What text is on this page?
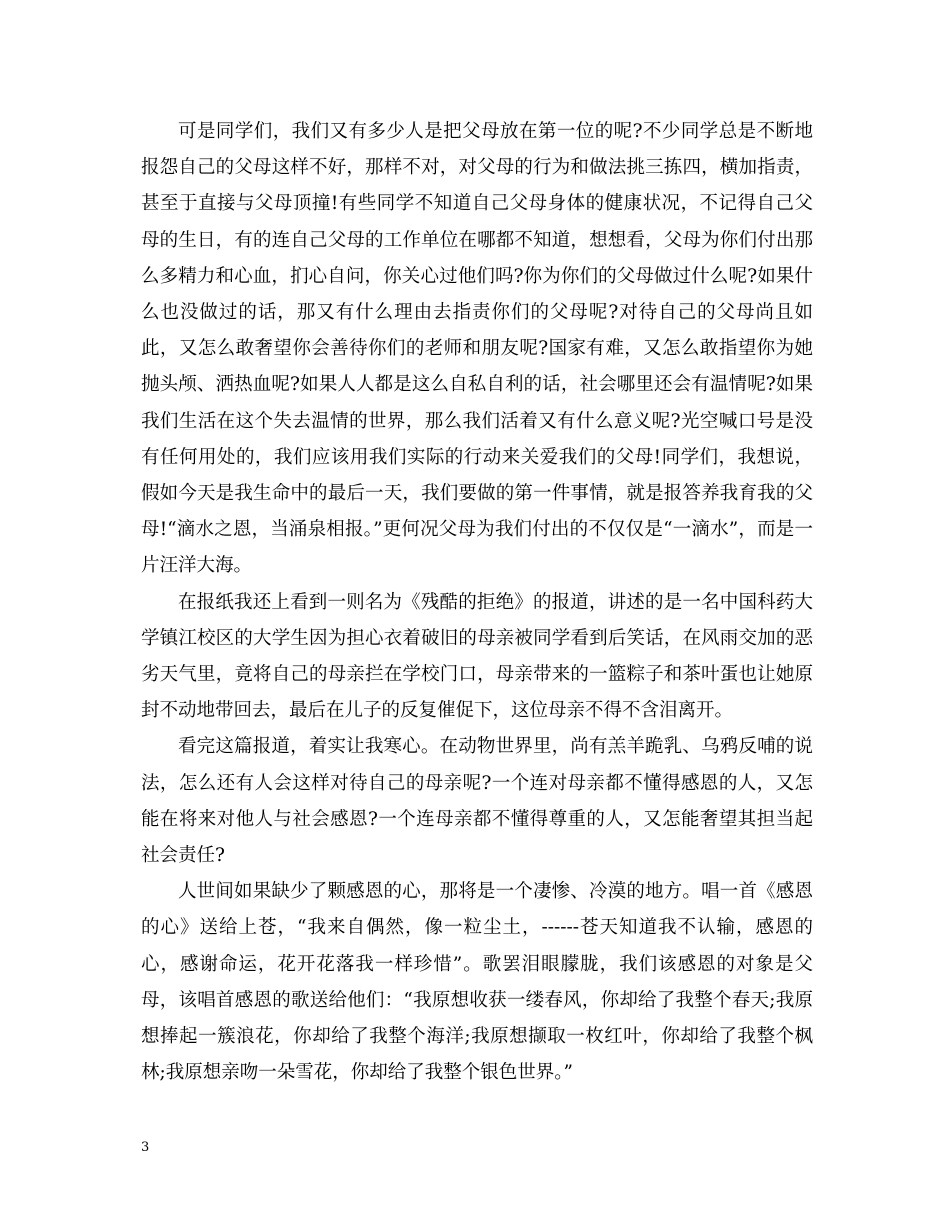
可是同学们，我们又有多少人是把父母放在第一位的呢?不少同学总是不断地报怨自己的父母这样不好，那样不对，对父母的行为和做法挑三拣四，横加指责，甚至于直接与父母顶撞!有些同学不知道自己父母身体的健康状况，不记得自己父母的生日，有的连自己父母的工作单位在哪都不知道，想想看，父母为你们付出那么多精力和心血，扪心自问，你关心过他们吗?你为你们的父母做过什么呢?如果什么也没做过的话，那又有什么理由去指责你们的父母呢?对待自己的父母尚且如此，又怎么敢奢望你会善待你们的老师和朋友呢?国家有难，又怎么敢指望你为她抛头颅、洒热血呢?如果人人都是这么自私自利的话，社会哪里还会有温情呢?如果我们生活在这个失去温情的世界，那么我们活着又有什么意义呢?光空喊口号是没有任何用处的，我们应该用我们实际的行动来关爱我们的父母!同学们，我想说，假如今天是我生命中的最后一天，我们要做的第一件事情，就是报答养我育我的父母!“滴水之恩，当涌泉相报。”更何况父母为我们付出的不仅仅是“一滴水”，而是一片汪洋大海。

在报纸我还上看到一则名为《残酷的拒绝》的报道，讲述的是一名中国科药大学镇江校区的大学生因为担心衣着破旧的母亲被同学看到后笑话，在风雨交加的恶劣天气里，竟将自己的母亲拦在学校门口，母亲带来的一篮粽子和茶叶蛋也让她原封不动地带回去，最后在儿子的反复催促下，这位母亲不得不含泪离开。

看完这篇报道，着实让我寒心。在动物世界里，尚有羔羊跪乳、乌鸦反哺的说法，怎么还有人会这样对待自己的母亲呢?一个连对母亲都不懂得感恩的人，又怎能在将来对他人与社会感恩?一个连母亲都不懂得尊重的人，又怎能奢望其担当起社会责任?

人世间如果缺少了颗感恩的心，那将是一个凄惨、冷漠的地方。唱一首《感恩的心》送给上苍，“我来自偶然，像一粒尘土，------苍天知道我不认输，感恩的心，感谢命运，花开花落我一样珍惜”。歌罢泪眼朦胧，我们该感恩的对象是父母，该唱首感恩的歌送给他们：“我原想收获一缕春风，你却给了我整个春天;我原想捧起一簇浪花，你却给了我整个海洋;我原想撷取一枚红叶，你却给了我整个枫林;我原想亲吻一朵雪花，你却给了我整个银色世界。”

3
